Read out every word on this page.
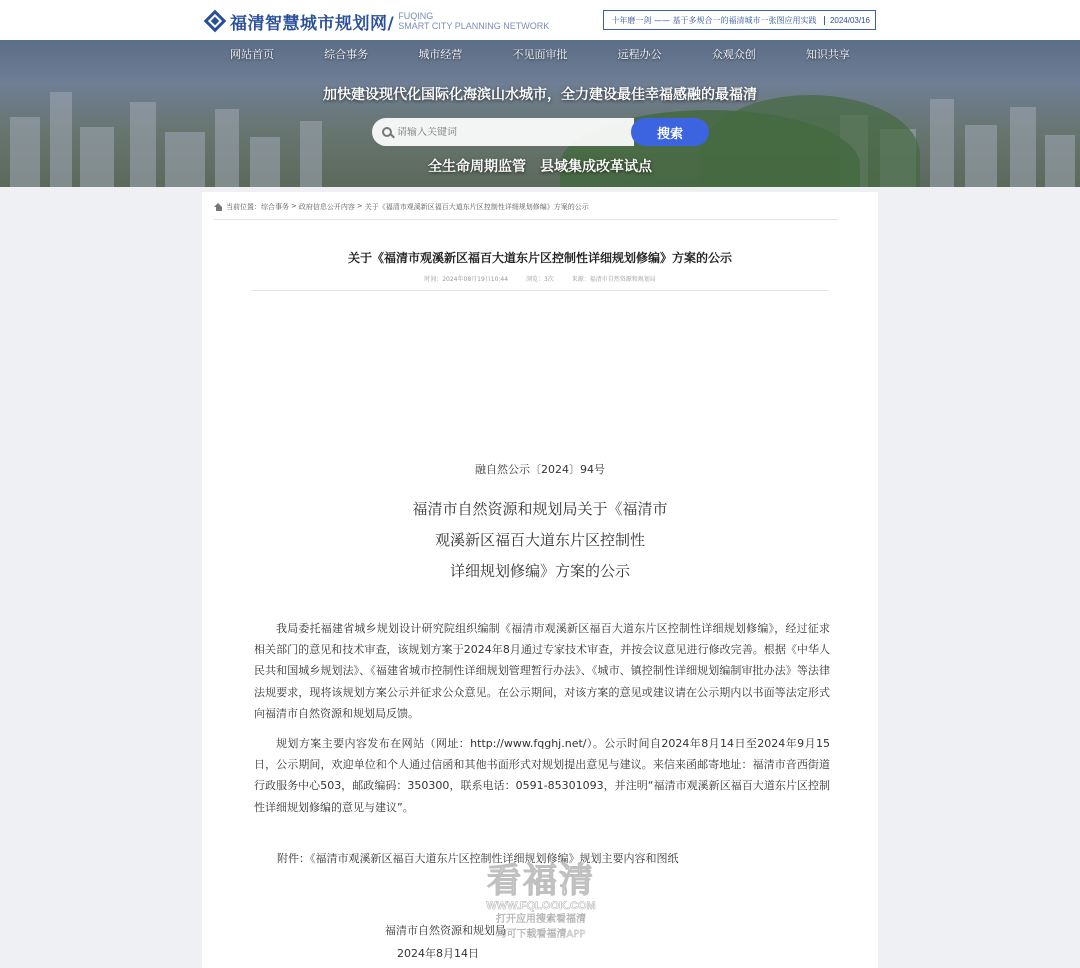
福清智慧城市规划网/ FUQING
SMART CITY PLANNING NETWORK
十年磨一剑 —— 基于多规合一的福清城市一张图应用实践	2024/03/16
网站首页	综合事务	城市经营	不见面审批	远程办公	众观众创	知识共享
加快建设现代化国际化海滨山水城市，全力建设最佳幸福感融的最福清
请输入关键词
搜索
全生命周期监管　县域集成改革试点
当前位置： 综合事务 > 政府信息公开内容 > 关于《福清市观溪新区福百大道东片区控制性详细规划修编》方案的公示
关于《福清市观溪新区福百大道东片区控制性详细规划修编》方案的公示
时间：2024年08月19日10:44	浏览：3次	来源：福清市自然资源和规划局
融自然公示〔2024〕94号
福清市自然资源和规划局关于《福清市
观溪新区福百大道东片区控制性
详细规划修编》方案的公示

我局委托福建省城乡规划设计研究院组织编制《福清市观溪新区福百大道东片区控制性详细规划修编》，经过征求相关部门的意见和技术审查，该规划方案于2024年8月通过专家技术审查，并按会议意见进行修改完善。根据《中华人民共和国城乡规划法》、《福建省城市控制性详细规划管理暂行办法》、《城市、镇控制性详细规划编制审批办法》等法律法规要求，现将该规划方案公示并征求公众意见。在公示期间，对该方案的意见或建议请在公示期内以书面等法定形式向福清市自然资源和规划局反馈。

规划方案主要内容发布在网站（网址：http://www.fqghj.net/）。公示时间自2024年8月14日至2024年9月15日，公示期间，欢迎单位和个人通过信函和其他书面形式对规划提出意见与建议。来信来函邮寄地址：福清市音西街道行政服务中心503，邮政编码：350300，联系电话：0591-85301093，并注明“福清市观溪新区福百大道东片区控制性详细规划修编的意见与建议”。

附件：《福清市观溪新区福百大道东片区控制性详细规划修编》规划主要内容和图纸
福清市自然资源和规划局
2024年8月14日
看福清
WWW.FQLOOK.COM
打开应用搜索看福清
均可下载看福清APP
